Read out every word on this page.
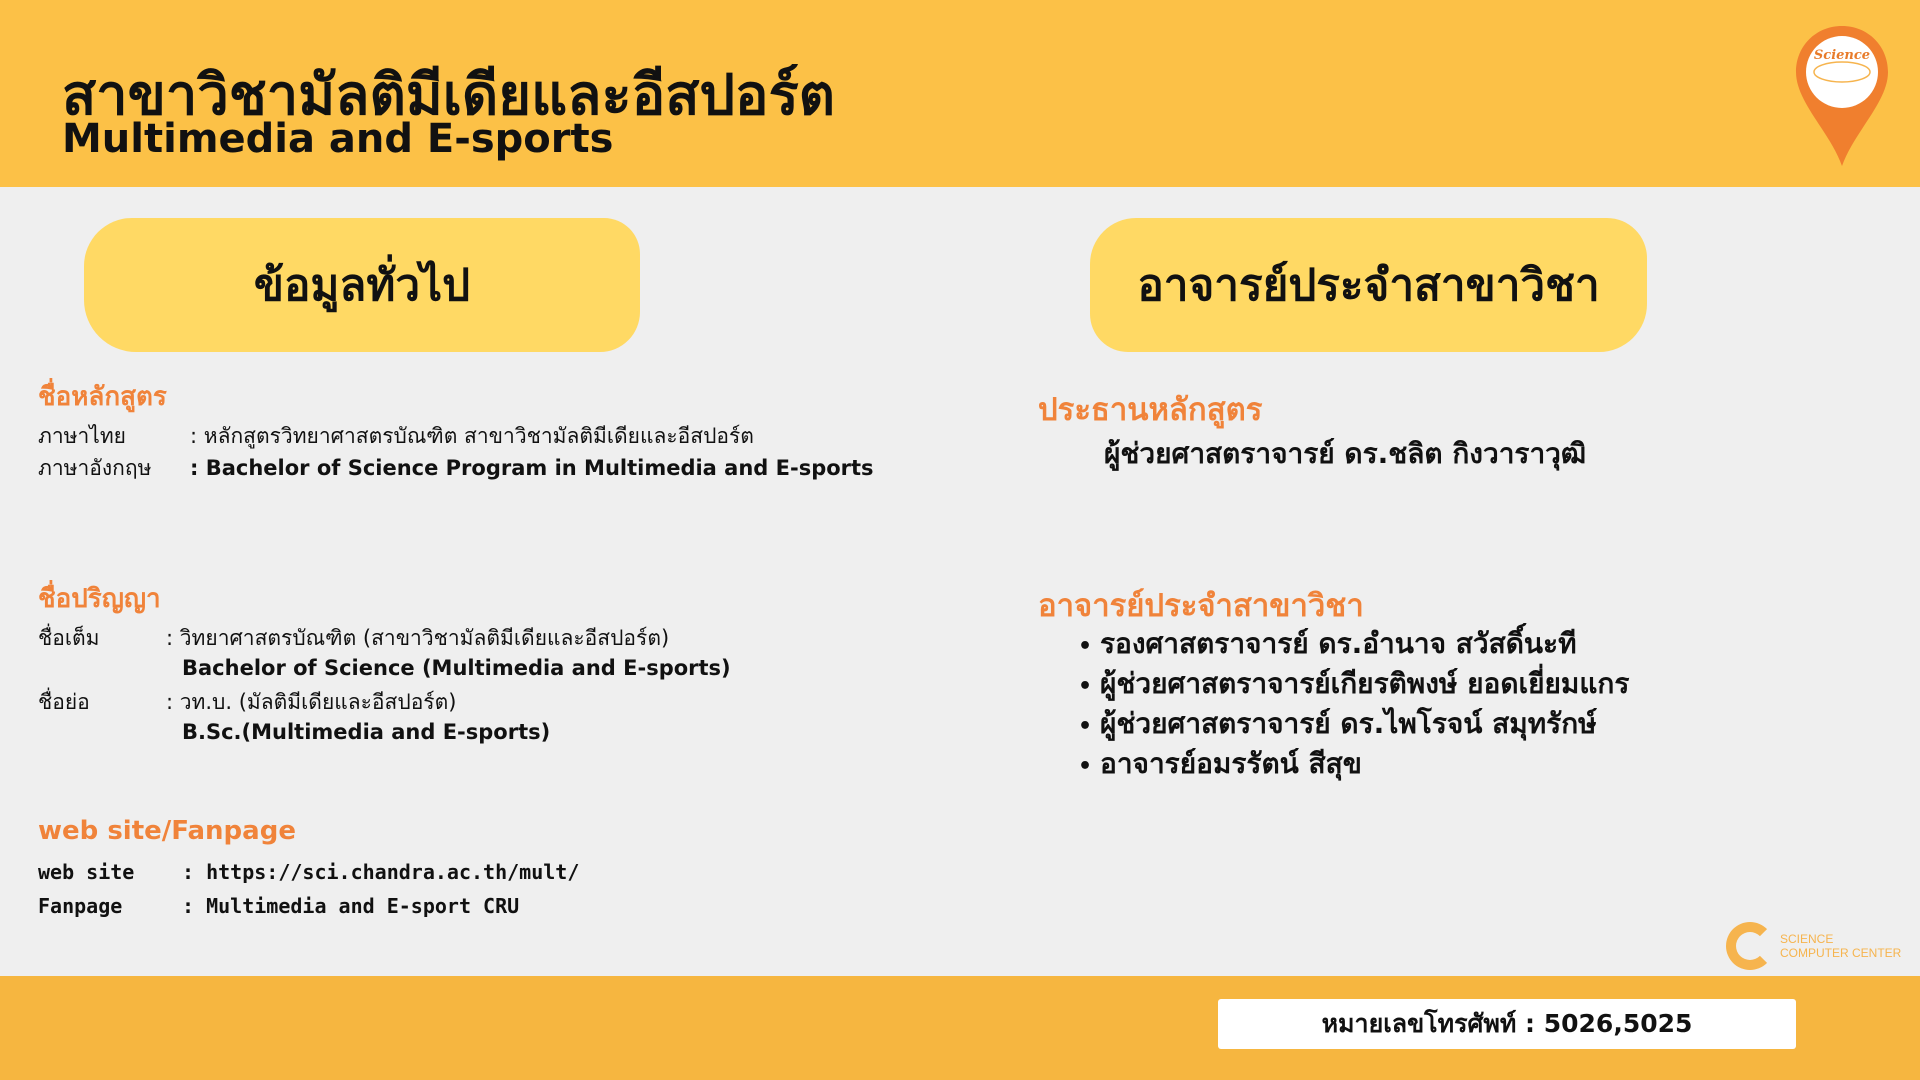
สาขาวิชามัลติมีเดียและอีสปอร์ต
Multimedia and E-sports
Science
ข้อมูลทั่วไป	อาจารย์ประจำสาขาวิชา
ชื่อหลักสูตร
ภาษาไทย	: หลักสูตรวิทยาศาสตรบัณฑิต สาขาวิชามัลติมีเดียและอีสปอร์ต
ภาษาอังกฤษ : Bachelor of Science Program in Multimedia and E-sports
ชื่อปริญญา
ชื่อเต็ม	: วิทยาศาสตรบัณฑิต (สาขาวิชามัลติมีเดียและอีสปอร์ต)
Bachelor of Science (Multimedia and E-sports)
ชื่อย่อ	: วท.บ. (มัลติมีเดียและอีสปอร์ต)
B.Sc.(Multimedia and E-sports)
web site/Fanpage
web site : https://sci.chandra.ac.th/mult/
Fanpage	: Multimedia and E-sport CRU
ประธานหลักสูตร
ผู้ช่วยศาสตราจารย์ ดร.ชลิต กิงวาราวุฒิ
อาจารย์ประจำสาขาวิชา
• รองศาสตราจารย์ ดร.อำนาจ สวัสดิ์นะที
• ผู้ช่วยศาสตราจารย์เกียรติพงษ์ ยอดเยี่ยมแกร
• ผู้ช่วยศาสตราจารย์ ดร.ไพโรจน์ สมุทรักษ์
• อาจารย์อมรรัตน์ สีสุข
SCIENCE
COMPUTER CENTER
หมายเลขโทรศัพท์ : 5026,5025
